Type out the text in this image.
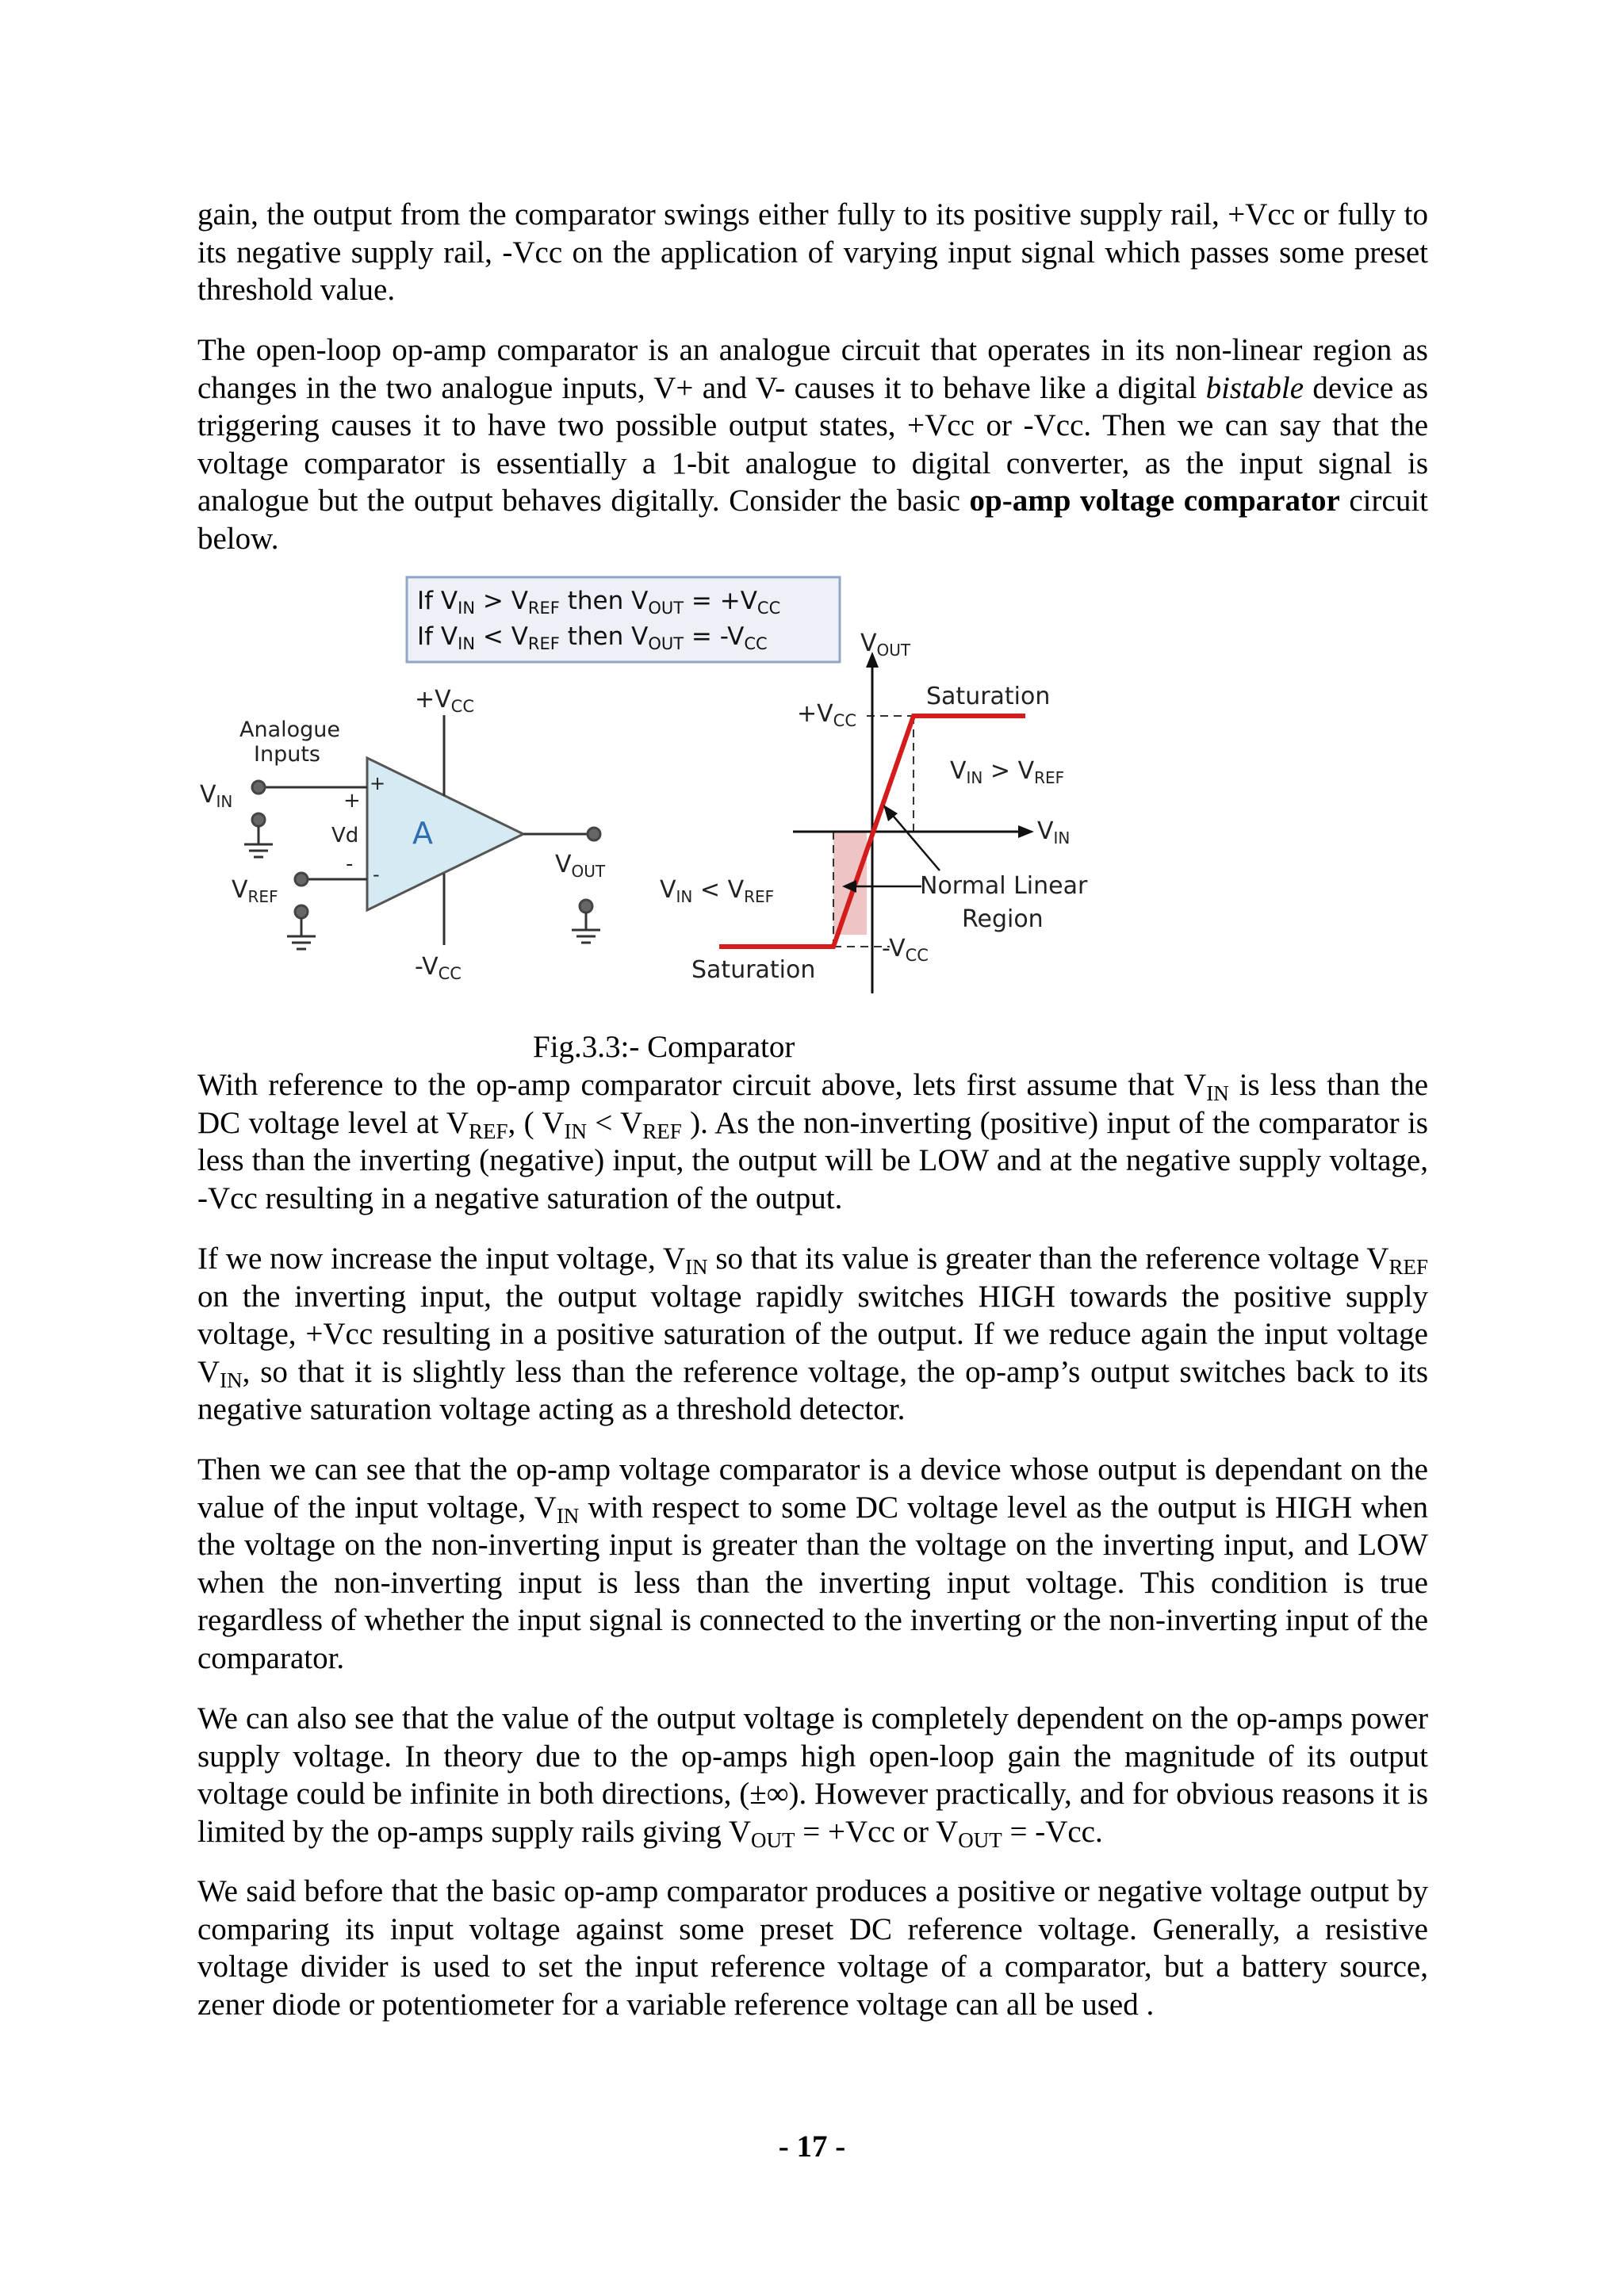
gain, the output from the comparator swings either fully to its positive supply rail, +Vcc or fully to its negative supply rail, -Vcc on the application of varying input signal which passes some preset threshold value.

The open-loop op-amp comparator is an analogue circuit that operates in its non-linear region as changes in the two analogue inputs, V+ and V- causes it to behave like a digital bistable device as triggering causes it to have two possible output states, +Vcc or -Vcc. Then we can say that the voltage comparator is essentially a 1-bit analogue to digital converter, as the input signal is analogue but the output behaves digitally. Consider the basic op-amp voltage comparator circuit below.

If VIN > VREF then VOUT = +VCC
If VIN < VREF then VOUT = -VCC
Analogue
Inputs
$V_{IN}$
$V_{REF}$
$+V_{CC}$
$-V_{CC}$
$V_{OUT}$
+
-
+
-
Vd A
$V_{OUT}$
$+V_{CC}$
$-V_{CC}$
Saturation
Saturation
$V_{IN} > V_{REF}$
$V_{IN}$
$V_{IN} < V_{REF}$	Normal Linear
Region
Fig.3.3:- Comparator

With reference to the op-amp comparator circuit above, lets first assume that $V_{IN}$ is less than the DC voltage level at $V_{REF}$, ( $V_{IN} < V_{REF}$ ). As the non-inverting (positive) input of the comparator is less than the inverting (negative) input, the output will be LOW and at the negative supply voltage, -Vcc resulting in a negative saturation of the output.

If we now increase the input voltage, $V_{IN}$ so that its value is greater than the reference voltage $V_{REF}$ on the inverting input, the output voltage rapidly switches HIGH towards the positive supply voltage, +Vcc resulting in a positive saturation of the output. If we reduce again the input voltage $V_{IN}$, so that it is slightly less than the reference voltage, the op-amp’s output switches back to its negative saturation voltage acting as a threshold detector.

Then we can see that the op-amp voltage comparator is a device whose output is dependant on the value of the input voltage, $V_{IN}$ with respect to some DC voltage level as the output is HIGH when the voltage on the non-inverting input is greater than the voltage on the inverting input, and LOW when the non-inverting input is less than the inverting input voltage. This condition is true regardless of whether the input signal is connected to the inverting or the non-inverting input of the comparator.

We can also see that the value of the output voltage is completely dependent on the op-amps power supply voltage. In theory due to the op-amps high open-loop gain the magnitude of its output voltage could be infinite in both directions, (±∞). However practically, and for obvious reasons it is limited by the op-amps supply rails giving $V_{OUT} = +Vcc$ or $V_{OUT} = -Vcc$.

We said before that the basic op-amp comparator produces a positive or negative voltage output by comparing its input voltage against some preset DC reference voltage. Generally, a resistive voltage divider is used to set the input reference voltage of a comparator, but a battery source, zener diode or potentiometer for a variable reference voltage can all be used .

- 17 -
